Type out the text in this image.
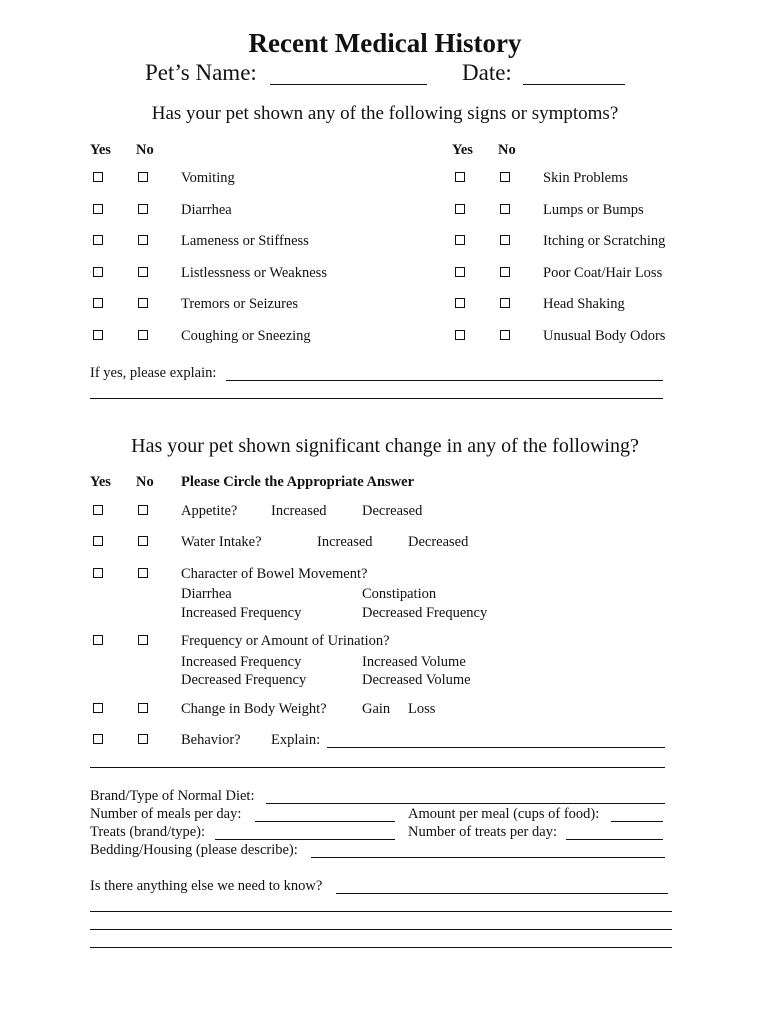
Recent Medical History
Pet’s Name:	Date:
Has your pet shown any of the following signs or symptoms?
Yes No	Yes No
Vomiting	Skin Problems
Diarrhea	Lumps or Bumps
Lameness or Stiffness	Itching or Scratching
Listlessness or Weakness	Poor Coat/Hair Loss
Tremors or Seizures	Head Shaking
Coughing or Sneezing	Unusual Body Odors
If yes, please explain:
Has your pet shown significant change in any of the following?
Yes No Please Circle the Appropriate Answer
Appetite? Increased Decreased
Water Intake?	Increased Decreased
Character of Bowel Movement?
Diarrhea	Constipation
Increased Frequency	Decreased Frequency
Frequency or Amount of Urination?
Increased Frequency	Increased Volume
Decreased Frequency	Decreased Volume
Change in Body Weight? Gain Loss
Behavior? Explain:
Brand/Type of Normal Diet:
Number of meals per day:	Amount per meal (cups of food):
Treats (brand/type):	Number of treats per day:
Bedding/Housing (please describe):
Is there anything else we need to know?
